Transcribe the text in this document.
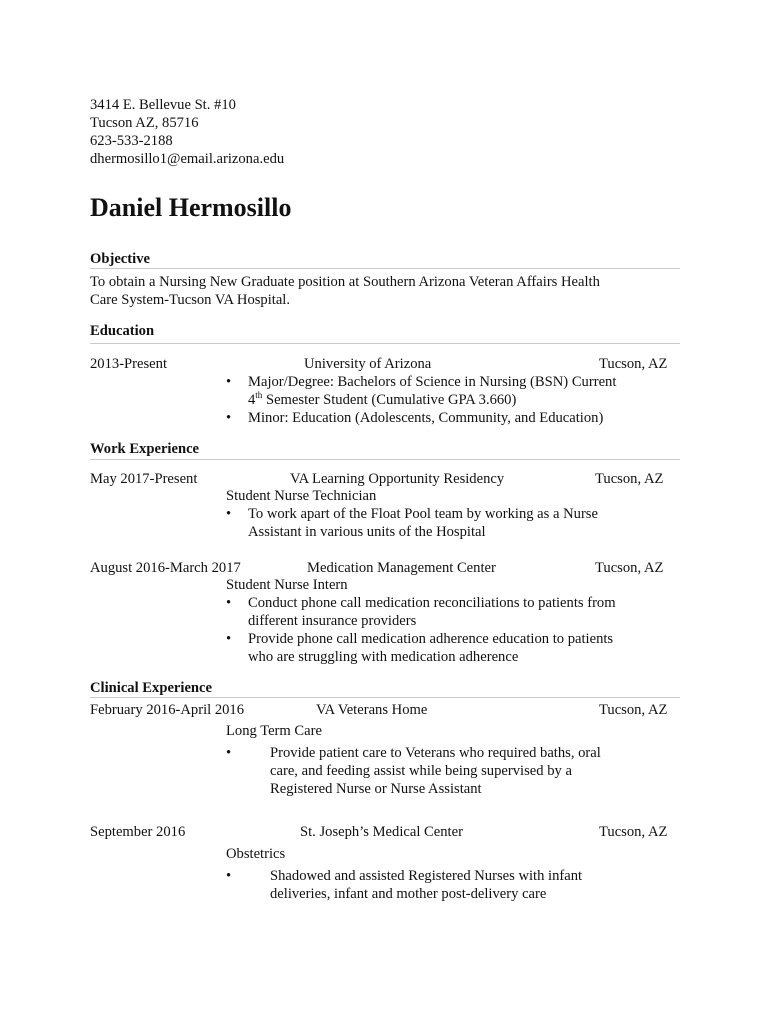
3414 E. Bellevue St. #10
Tucson AZ, 85716
623-533-2188
dhermosillo1@email.arizona.edu
Daniel Hermosillo
Objective
To obtain a Nursing New Graduate position at Southern Arizona Veteran Affairs Health
Care System-Tucson VA Hospital.
Education
2013-Present	University of Arizona	Tucson, AZ
• Major/Degree: Bachelors of Science in Nursing (BSN) Current
4th Semester Student (Cumulative GPA 3.660)
• Minor: Education (Adolescents, Community, and Education)
Work Experience
May 2017-Present	VA Learning Opportunity Residency	Tucson, AZ
Student Nurse Technician
• To work apart of the Float Pool team by working as a Nurse
Assistant in various units of the Hospital
August 2016-March 2017	Medication Management Center	Tucson, AZ
Student Nurse Intern
• Conduct phone call medication reconciliations to patients from
different insurance providers
• Provide phone call medication adherence education to patients
who are struggling with medication adherence
Clinical Experience
February 2016-April 2016	VA Veterans Home	Tucson, AZ
Long Term Care
•	Provide patient care to Veterans who required baths, oral
care, and feeding assist while being supervised by a
Registered Nurse or Nurse Assistant
September 2016	St. Joseph’s Medical Center	Tucson, AZ
Obstetrics
•	Shadowed and assisted Registered Nurses with infant
deliveries, infant and mother post-delivery care
